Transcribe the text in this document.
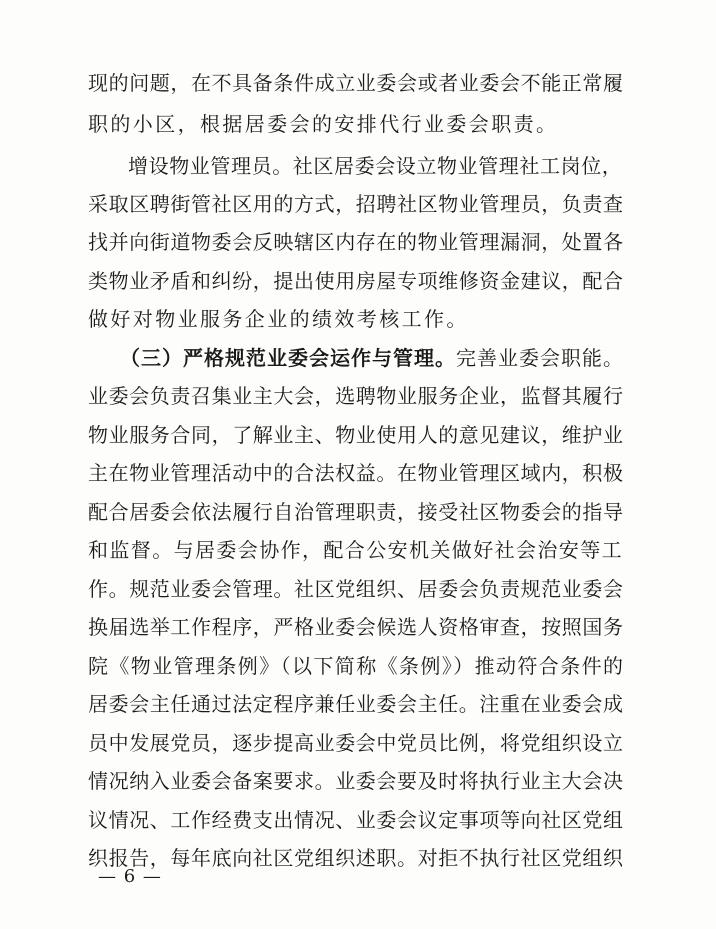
现的问题，在不具备条件成立业委会或者业委会不能正常履
职的小区，根据居委会的安排代行业委会职责。
增设物业管理员。社区居委会设立物业管理社工岗位，
采取区聘街管社区用的方式，招聘社区物业管理员，负责查
找并向街道物委会反映辖区内存在的物业管理漏洞，处置各
类物业矛盾和纠纷，提出使用房屋专项维修资金建议，配合
做好对物业服务企业的绩效考核工作。
（三）严格规范业委会运作与管理。完善业委会职能。
业委会负责召集业主大会，选聘物业服务企业，监督其履行
物业服务合同，了解业主、物业使用人的意见建议，维护业
主在物业管理活动中的合法权益。在物业管理区域内，积极
配合居委会依法履行自治管理职责，接受社区物委会的指导
和监督。与居委会协作，配合公安机关做好社会治安等工
作。规范业委会管理。社区党组织、居委会负责规范业委会
换届选举工作程序，严格业委会候选人资格审查，按照国务
院《物业管理条例》（以下简称《条例》）推动符合条件的
居委会主任通过法定程序兼任业委会主任。注重在业委会成
员中发展党员，逐步提高业委会中党员比例，将党组织设立
情况纳入业委会备案要求。业委会要及时将执行业主大会决
议情况、工作经费支出情况、业委会议定事项等向社区党组
织报告，每年底向社区党组织述职。对拒不执行社区党组织
— 6 —
